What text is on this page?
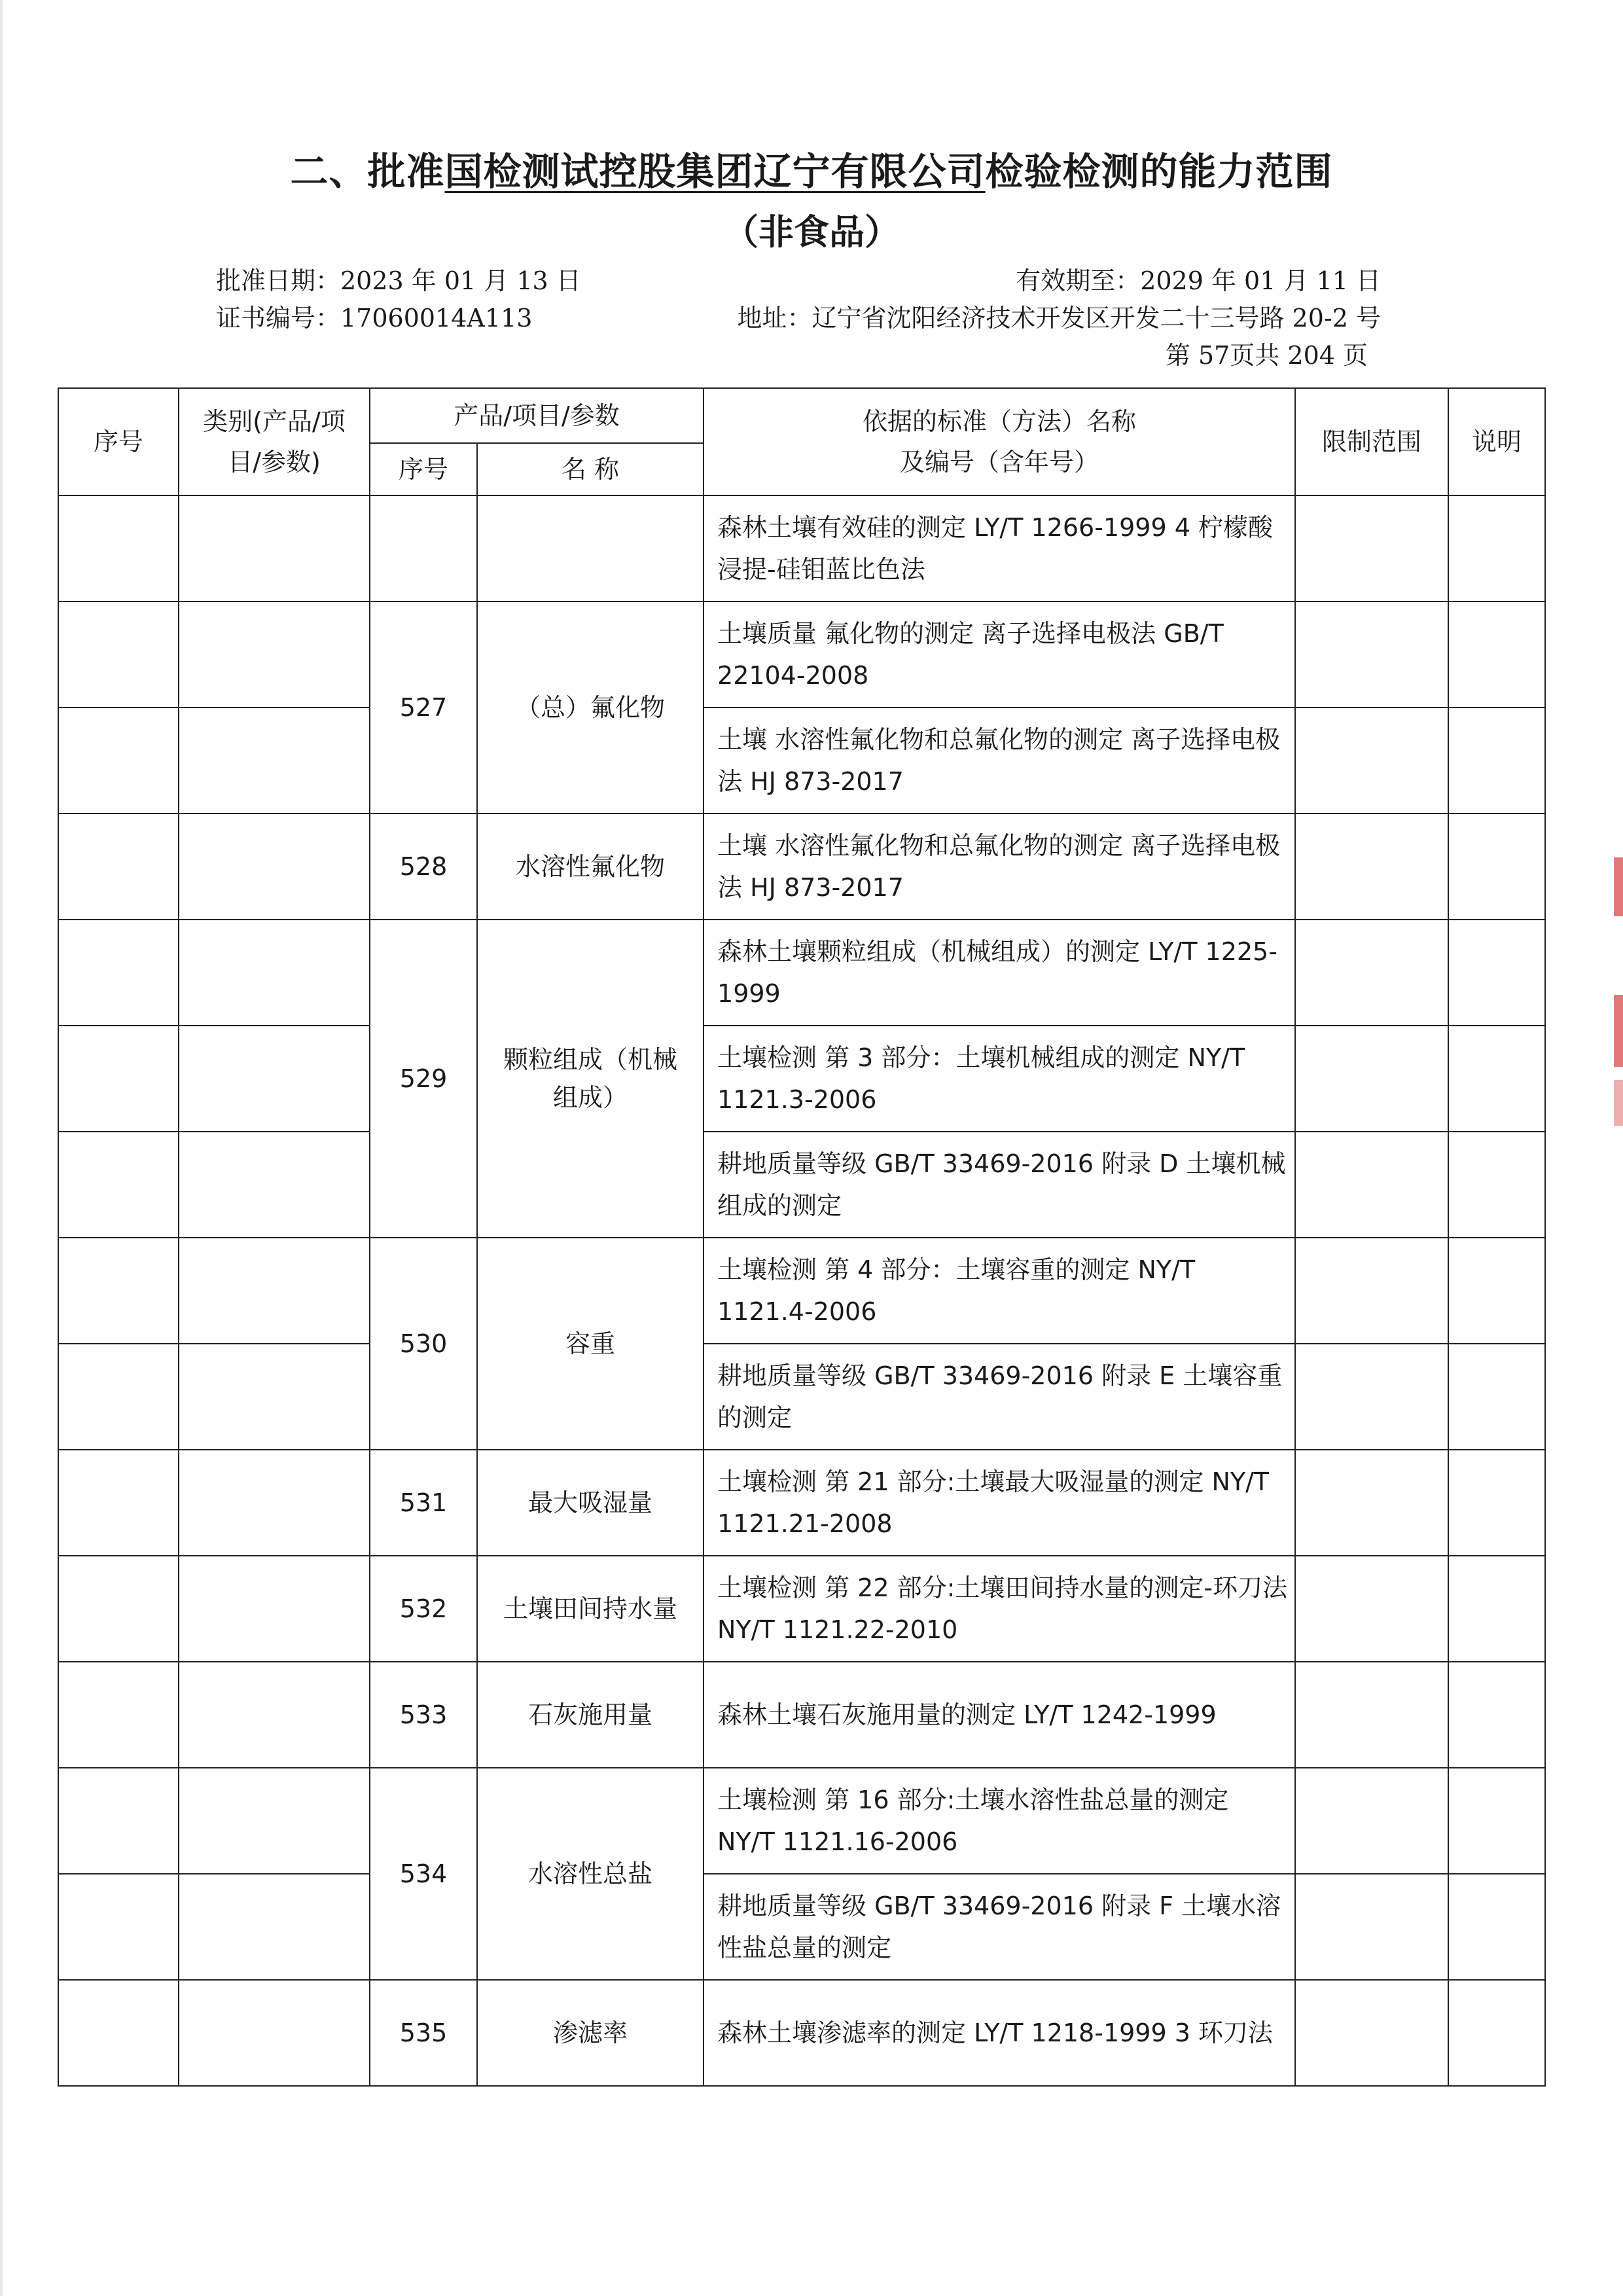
二、批准国检测试控股集团辽宁有限公司检验检测的能力范围
（非食品）
批准日期：2023 年 01 月 13 日	有效期至：2029 年 01 月 11 日
证书编号：17060014A113	地址：辽宁省沈阳经济技术开发区开发二十三号路 20-2 号
第 57页共 204 页
序号	类别(产品/项目/参数)	产品/项目/参数		依据的标准（方法）名称
及编号（含年号）	限制范围	说明
		序号	名 称			
				森林土壤有效硅的测定 LY/T 1266-1999 4 柠檬酸浸提-硅钼蓝比色法		
		527	（总）氟化物	土壤质量 氟化物的测定 离子选择电极法 GB/T 22104-2008		
				土壤 水溶性氟化物和总氟化物的测定 离子选择电极法 HJ 873-2017		
		528	水溶性氟化物	土壤 水溶性氟化物和总氟化物的测定 离子选择电极法 HJ 873-2017		
		529	颗粒组成（机械组成）	森林土壤颗粒组成（机械组成）的测定 LY/T 1225-1999		
				土壤检测 第 3 部分：土壤机械组成的测定 NY/T 1121.3-2006		
				耕地质量等级 GB/T 33469-2016 附录 D 土壤机械组成的测定		
		530	容重	土壤检测 第 4 部分：土壤容重的测定 NY/T 1121.4-2006		
				耕地质量等级 GB/T 33469-2016 附录 E 土壤容重的测定		
		531	最大吸湿量	土壤检测 第 21 部分:土壤最大吸湿量的测定 NY/T 1121.21-2008		
		532	土壤田间持水量	土壤检测 第 22 部分:土壤田间持水量的测定-环刀法 NY/T 1121.22-2010		
		533	石灰施用量	森林土壤石灰施用量的测定 LY/T 1242-1999		
		534	水溶性总盐	土壤检测 第 16 部分:土壤水溶性盐总量的测定 NY/T 1121.16-2006		
				耕地质量等级 GB/T 33469-2016 附录 F 土壤水溶性盐总量的测定		
		535	渗滤率	森林土壤渗滤率的测定 LY/T 1218-1999 3 环刀法		
